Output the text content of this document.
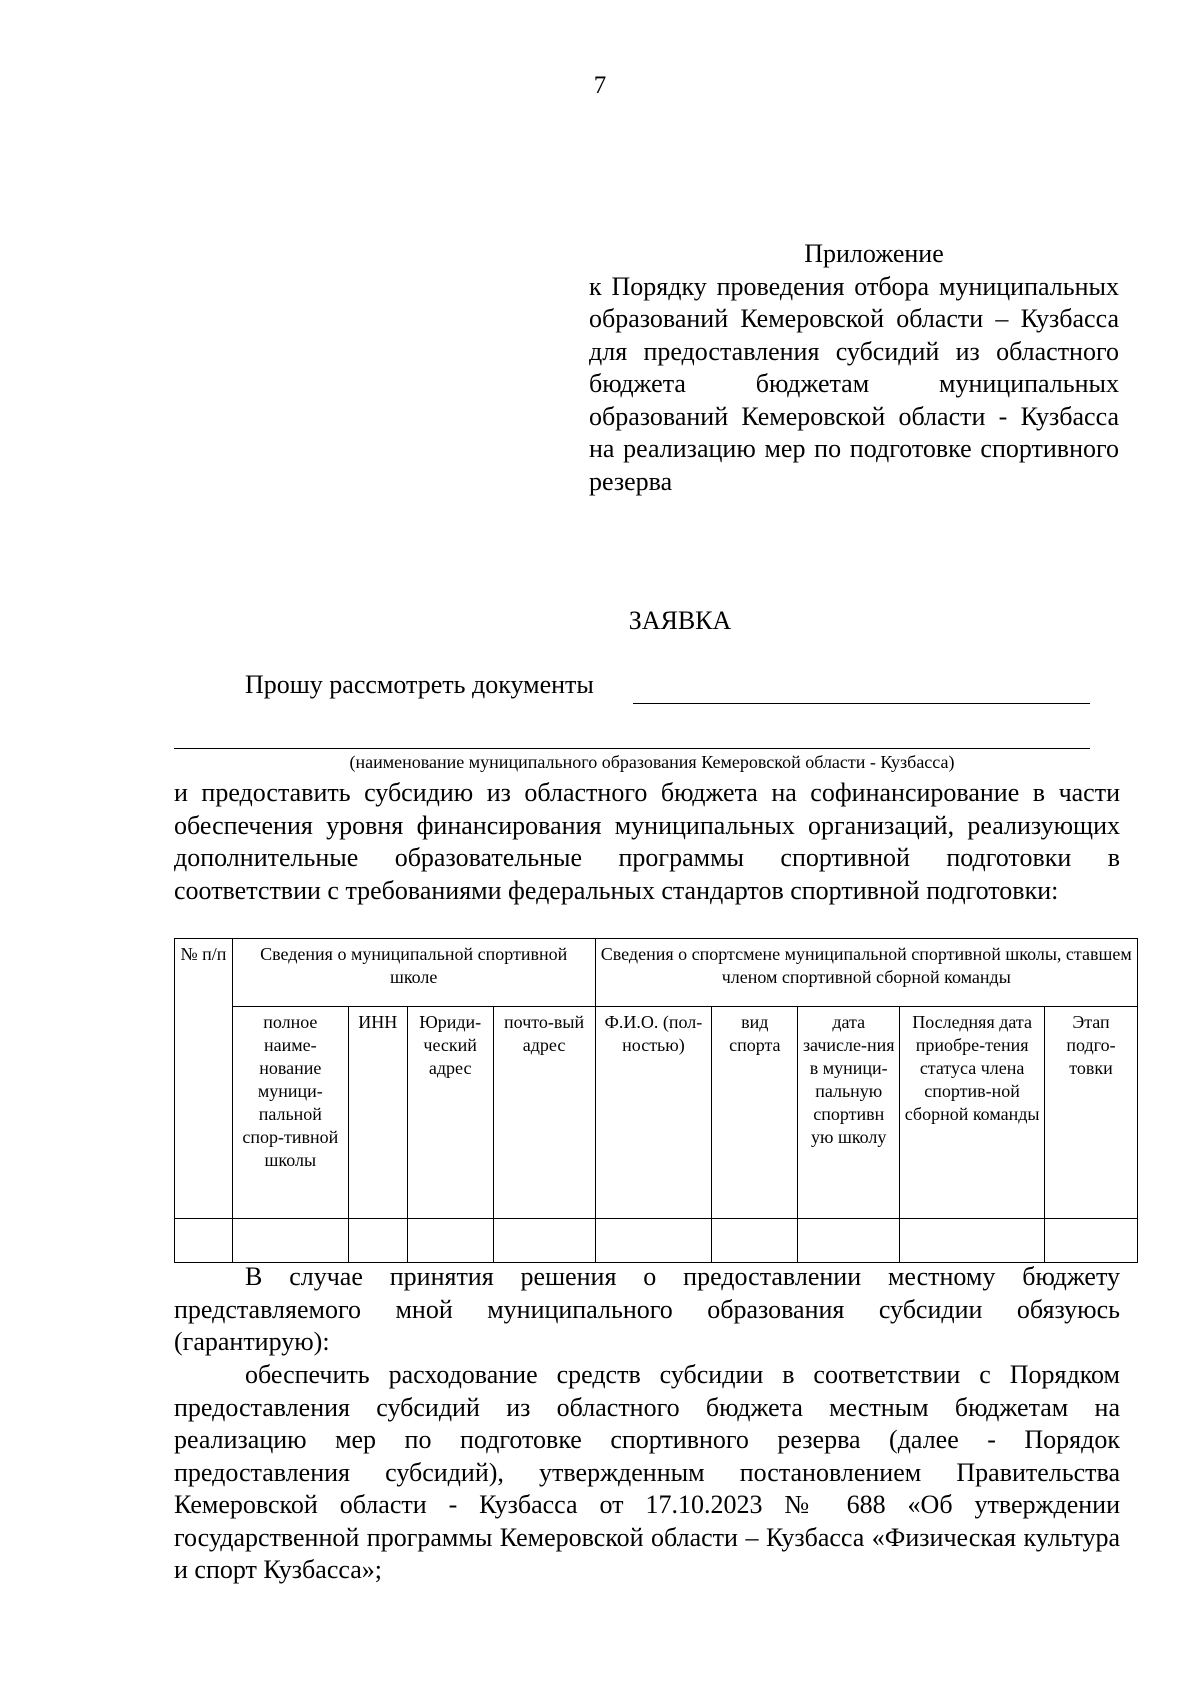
7
Приложение
к Порядку проведения отбора муниципальных образований Кемеровской области – Кузбасса для предоставления субсидий из областного бюджета бюджетам муниципальных образований Кемеровской области - Кузбасса на реализацию мер по подготовке спортивного резерва
ЗАЯВКА
Прошу рассмотреть документы
(наименование муниципального образования Кемеровской области - Кузбасса)
и предоставить субсидию из областного бюджета на софинансирование в части обеспечения уровня финансирования муниципальных организаций, реализующих дополнительные образовательные программы спортивной подготовки в соответствии с требованиями федеральных стандартов спортивной подготовки:
№ п/п	Сведения о муниципальной спортивной школе				Сведения о спортсмене муниципальной спортивной школы, ставшем членом спортивной сборной команды				
	полное наиме-нование муници-пальной спор-тивной школы	ИНН	Юриди-ческий адрес	почто-вый адрес	Ф.И.О. (пол-ностью)	вид спорта	дата зачисле-ния в муници-пальную спортивн ую школу	Последняя дата приобре-тения статуса члена спортив-ной сборной команды	Этап подго-товки

В случае принятия решения о предоставлении местному бюджету представляемого мной муниципального образования субсидии обязуюсь (гарантирую):
обеспечить расходование средств субсидии в соответствии с Порядком предоставления субсидий из областного бюджета местным бюджетам на реализацию мер по подготовке спортивного резерва (далее - Порядок предоставления субсидий), утвержденным постановлением Правительства Кемеровской области - Кузбасса от 17.10.2023 № 688 «Об утверждении государственной программы Кемеровской области – Кузбасса «Физическая культура и спорт Кузбасса»;
